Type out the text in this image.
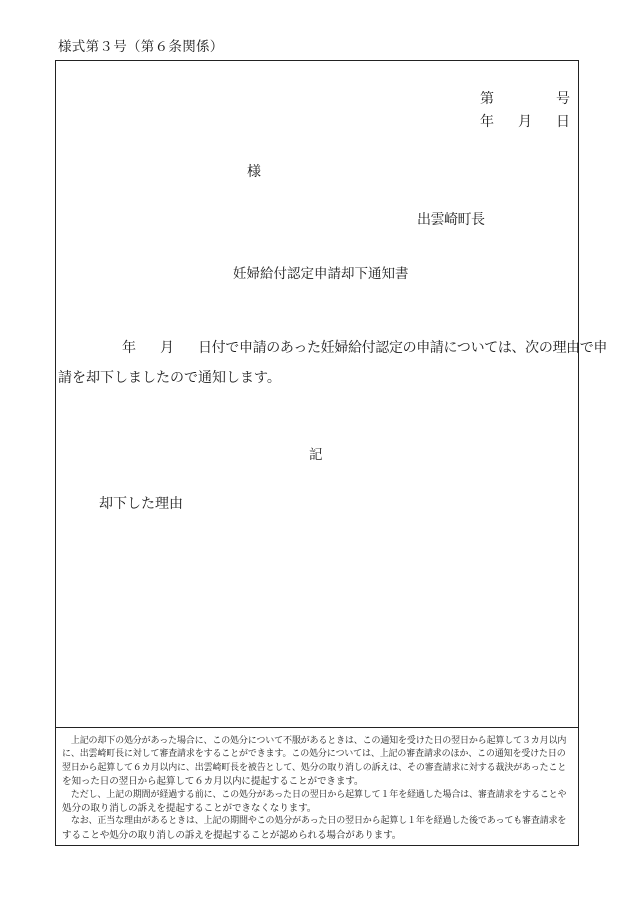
様式第３号（第６条関係）
第	号
年 月 日
様
出雲崎町長
妊婦給付認定申請却下通知書
年 月 日付で申請のあった妊婦給付認定の申請については、次の理由で申
請を却下しましたので通知します。
記
却下した理由
　上記の却下の処分があった場合に、この処分について不服があるときは、この通知を受けた日の翌日から起算して３カ月以内
に、出雲崎町長に対して審査請求をすることができます。この処分については、上記の審査請求のほか、この通知を受けた日の
翌日から起算して６カ月以内に、出雲崎町長を被告として、処分の取り消しの訴えは、その審査請求に対する裁決があったこと
を知った日の翌日から起算して６カ月以内に提起することができます。
　ただし、上記の期間が経過する前に、この処分があった日の翌日から起算して１年を経過した場合は、審査請求をすることや
処分の取り消しの訴えを提起することができなくなります。
　なお、正当な理由があるときは、上記の期間やこの処分があった日の翌日から起算し１年を経過した後であっても審査請求を
することや処分の取り消しの訴えを提起することが認められる場合があります。
